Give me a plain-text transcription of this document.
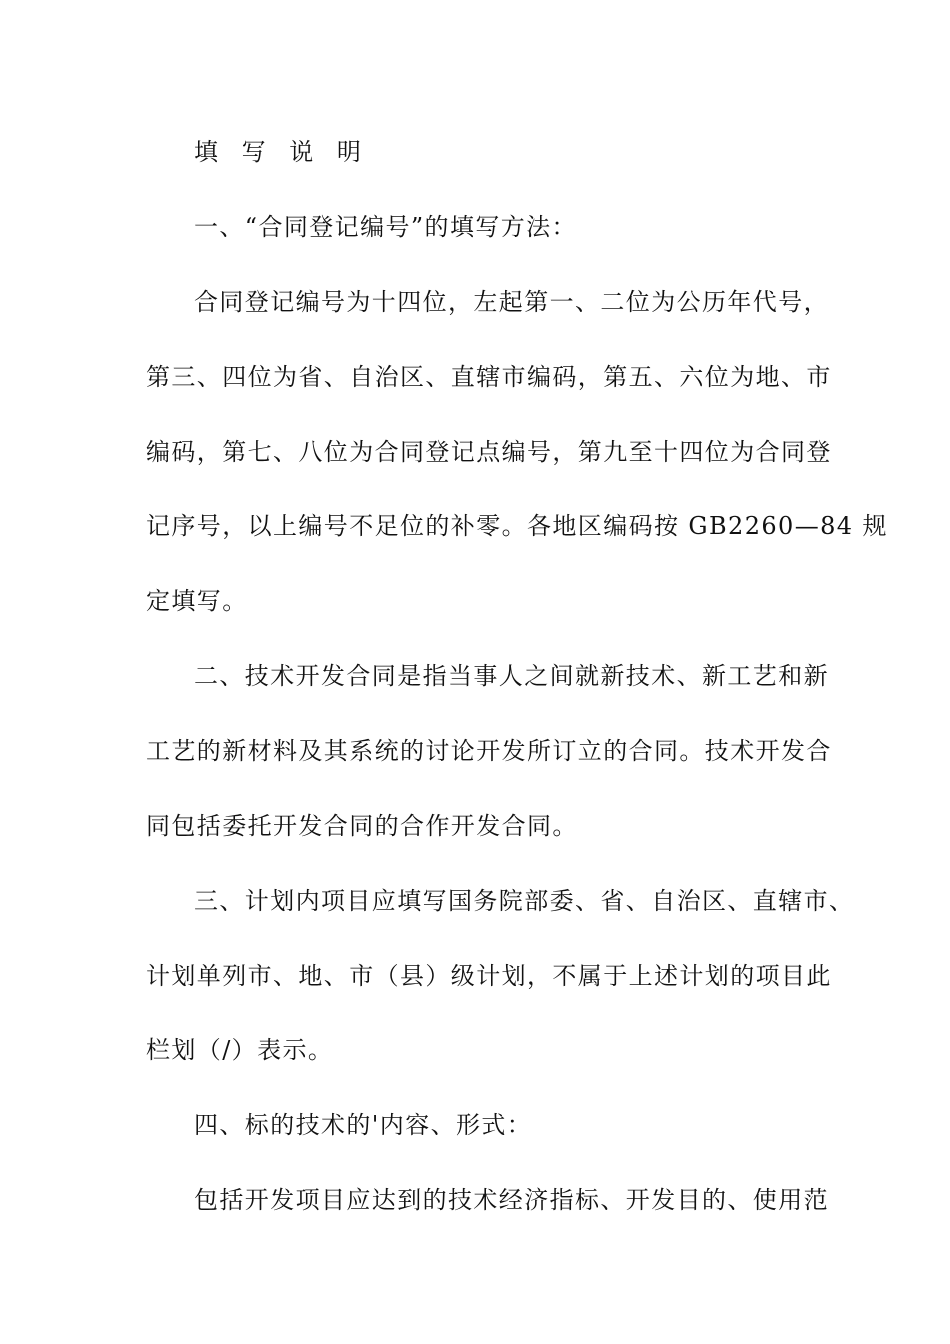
填 写 说 明
一、“合同登记编号”的填写方法：
合同登记编号为十四位，左起第一、二位为公历年代号，
第三、四位为省、自治区、直辖市编码，第五、六位为地、市
编码，第七、八位为合同登记点编号，第九至十四位为合同登
记序号，以上编号不足位的补零。各地区编码按 GB2260—84 规
定填写。
二、技术开发合同是指当事人之间就新技术、新工艺和新
工艺的新材料及其系统的讨论开发所订立的合同。技术开发合
同包括委托开发合同的合作开发合同。
三、计划内项目应填写国务院部委、省、自治区、直辖市、
计划单列市、地、市（县）级计划，不属于上述计划的项目此
栏划（/）表示。
四、标的技术的'内容、形式：
包括开发项目应达到的技术经济指标、开发目的、使用范
